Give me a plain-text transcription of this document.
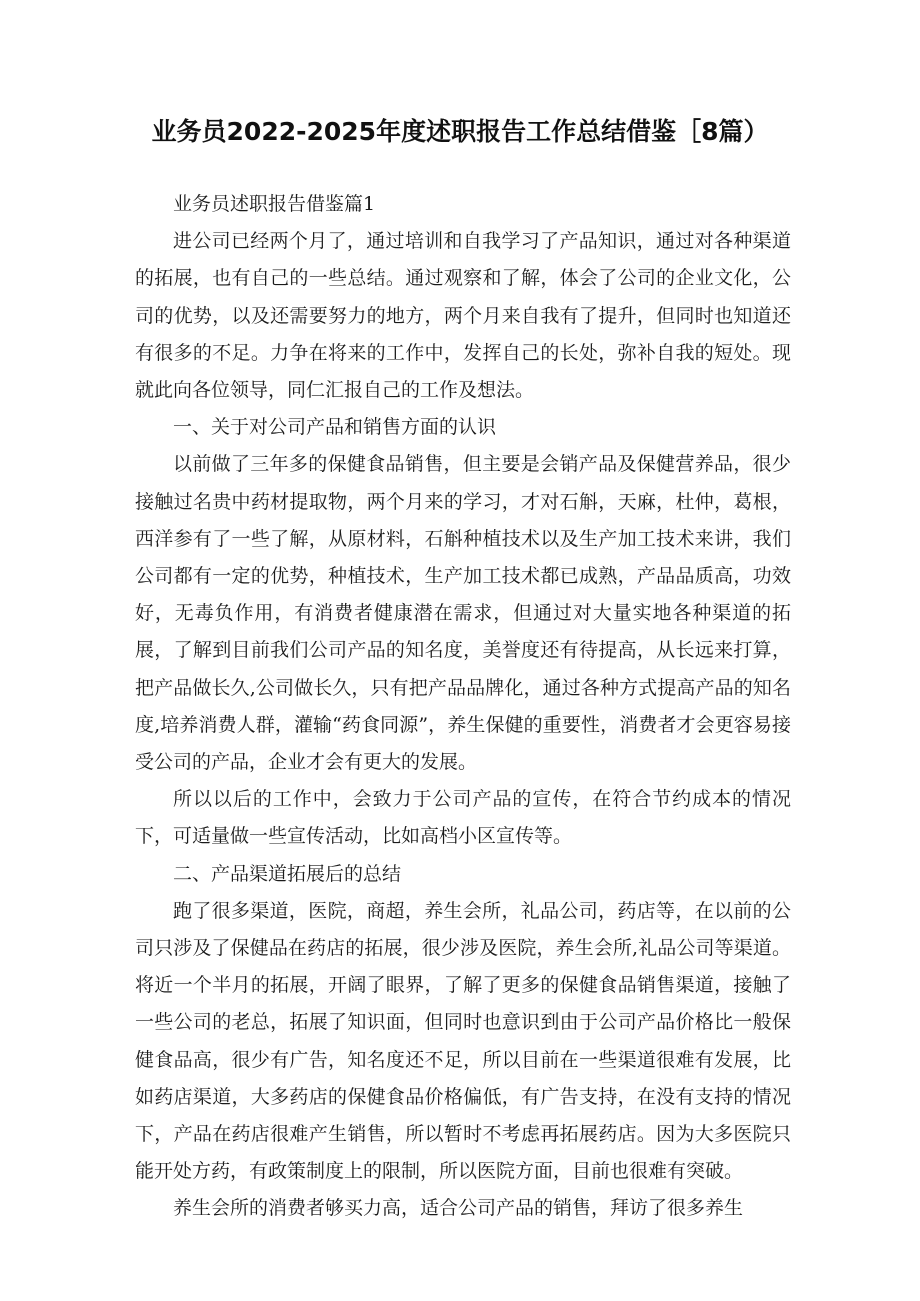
业务员2022-2025年度述职报告工作总结借鉴［8篇）

业务员述职报告借鉴篇1

进公司已经两个月了，通过培训和自我学习了产品知识，通过对各种渠道的拓展，也有自己的一些总结。通过观察和了解，体会了公司的企业文化，公司的优势，以及还需要努力的地方，两个月来自我有了提升，但同时也知道还有很多的不足。力争在将来的工作中，发挥自己的长处，弥补自我的短处。现就此向各位领导，同仁汇报自己的工作及想法。

一、关于对公司产品和销售方面的认识

以前做了三年多的保健食品销售，但主要是会销产品及保健营养品，很少接触过名贵中药材提取物，两个月来的学习，才对石斛，天麻，杜仲，葛根，西洋参有了一些了解，从原材料，石斛种植技术以及生产加工技术来讲，我们公司都有一定的优势，种植技术，生产加工技术都已成熟，产品品质高，功效好，无毒负作用，有消费者健康潜在需求，但通过对大量实地各种渠道的拓展，了解到目前我们公司产品的知名度，美誉度还有待提高，从长远来打算，把产品做长久,公司做长久，只有把产品品牌化，通过各种方式提高产品的知名度,培养消费人群，灌输“药食同源”，养生保健的重要性，消费者才会更容易接受公司的产品，企业才会有更大的发展。

所以以后的工作中，会致力于公司产品的宣传，在符合节约成本的情况下，可适量做一些宣传活动，比如高档小区宣传等。

二、产品渠道拓展后的总结

跑了很多渠道，医院，商超，养生会所，礼品公司，药店等，在以前的公司只涉及了保健品在药店的拓展，很少涉及医院，养生会所,礼品公司等渠道。将近一个半月的拓展，开阔了眼界，了解了更多的保健食品销售渠道，接触了一些公司的老总，拓展了知识面，但同时也意识到由于公司产品价格比一般保健食品高，很少有广告，知名度还不足，所以目前在一些渠道很难有发展，比如药店渠道，大多药店的保健食品价格偏低，有广告支持，在没有支持的情况下，产品在药店很难产生销售，所以暂时不考虑再拓展药店。因为大多医院只能开处方药，有政策制度上的限制，所以医院方面，目前也很难有突破。

养生会所的消费者够买力高，适合公司产品的销售，拜访了很多养生
